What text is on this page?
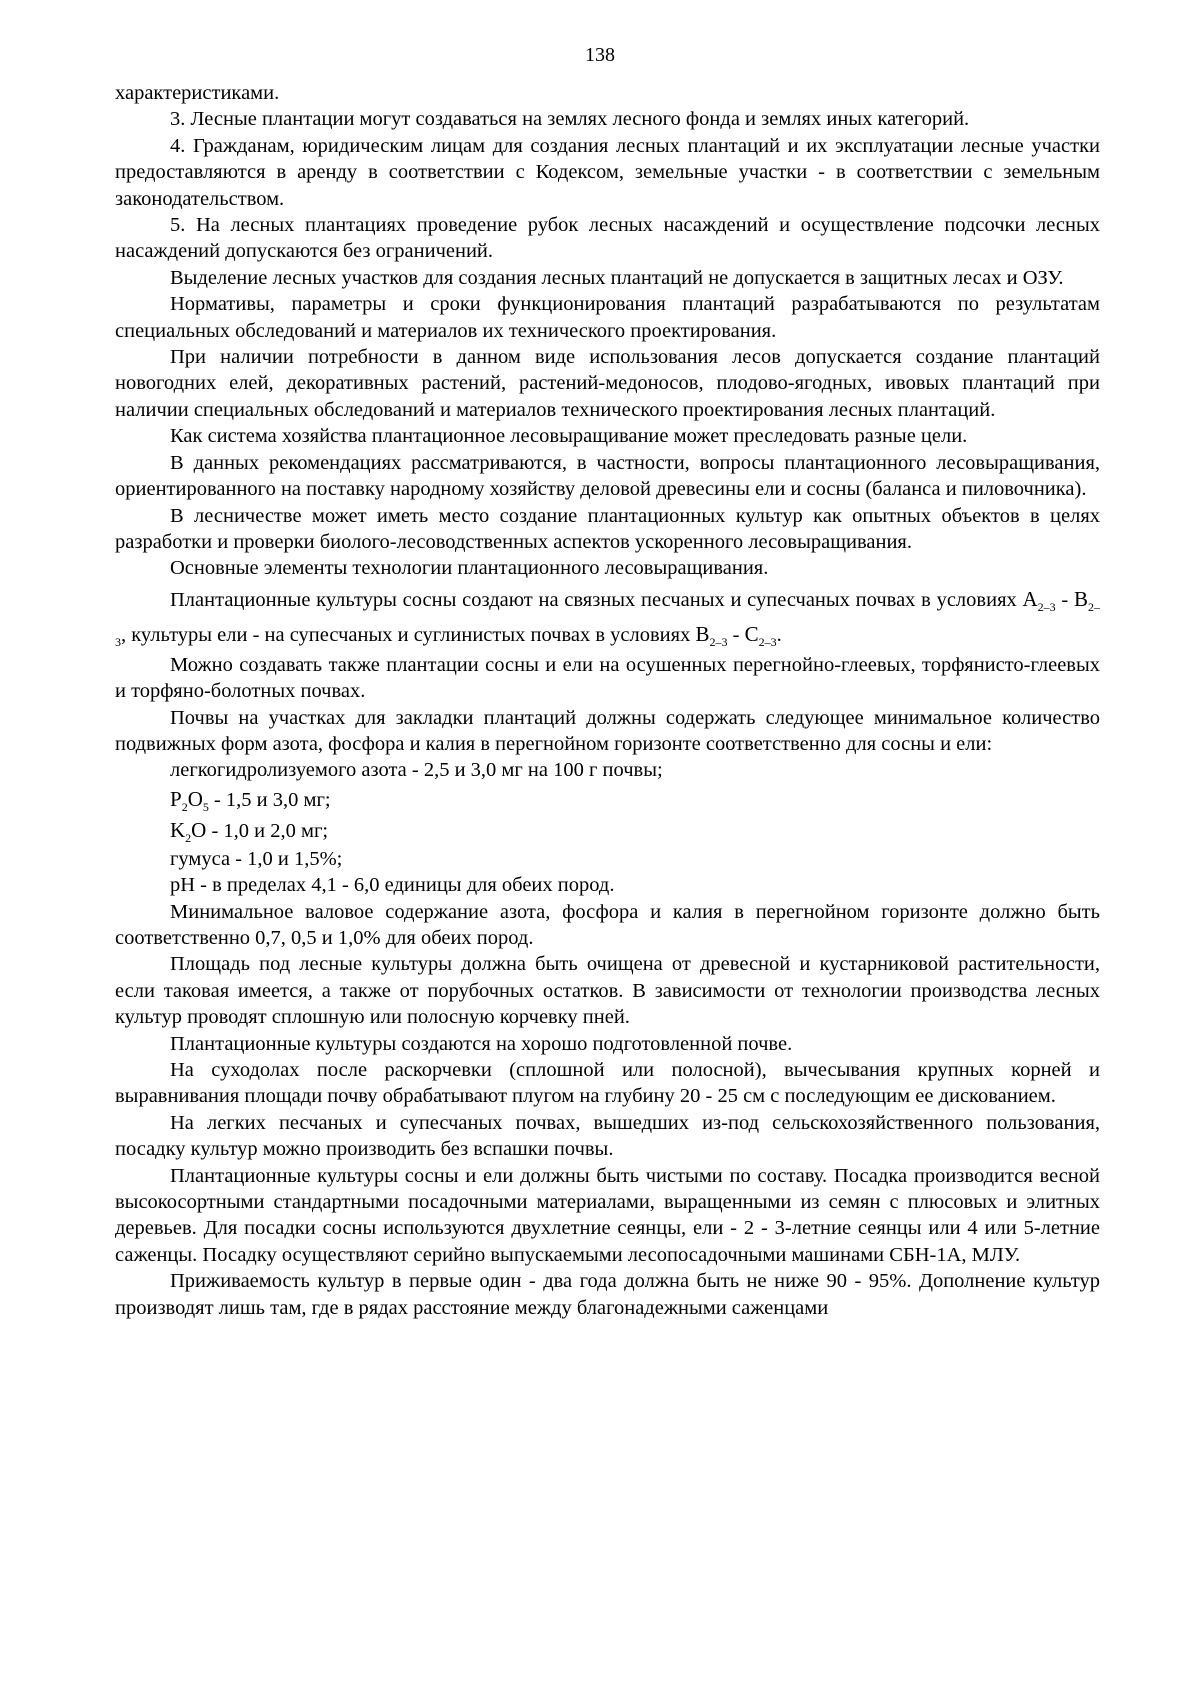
138

характеристиками.

3. Лесные плантации могут создаваться на землях лесного фонда и землях иных категорий.

4. Гражданам, юридическим лицам для создания лесных плантаций и их эксплуатации лесные участки предоставляются в аренду в соответствии с Кодексом, земельные участки - в соответствии с земельным законодательством.

5. На лесных плантациях проведение рубок лесных насаждений и осуществление подсочки лесных насаждений допускаются без ограничений.

Выделение лесных участков для создания лесных плантаций не допускается в защитных лесах и ОЗУ.

Нормативы, параметры и сроки функционирования плантаций разрабатываются по результатам специальных обследований и материалов их технического проектирования.

При наличии потребности в данном виде использования лесов допускается создание плантаций новогодних елей, декоративных растений, растений-медоносов, плодово-ягодных, ивовых плантаций при наличии специальных обследований и материалов технического проектирования лесных плантаций.

Как система хозяйства плантационное лесовыращивание может преследовать разные цели.

В данных рекомендациях рассматриваются, в частности, вопросы плантационного лесовыращивания, ориентированного на поставку народному хозяйству деловой древесины ели и сосны (баланса и пиловочника).

В лесничестве может иметь место создание плантационных культур как опытных объектов в целях разработки и проверки биолого-лесоводственных аспектов ускоренного лесовыращивания.

Основные элементы технологии плантационного лесовыращивания.

Плантационные культуры сосны создают на связных песчаных и супесчаных почвах в условиях $A_{2-3} - B_{2-3}$, культуры ели - на супесчаных и суглинистых почвах в условиях $B_{2-3} - C_{2-3}$.

Можно создавать также плантации сосны и ели на осушенных перегнойно-глеевых, торфянисто-глеевых и торфяно-болотных почвах.

Почвы на участках для закладки плантаций должны содержать следующее минимальное количество подвижных форм азота, фосфора и калия в перегнойном горизонте соответственно для сосны и ели:

легкогидролизуемого азота - 2,5 и 3,0 мг на 100 г почвы;

$P_2O_5 - 1,5$ и 3,0 мг;

$K_2O - 1,0$ и 2,0 мг;

гумуса - 1,0 и 1,5%;

pH - в пределах 4,1 - 6,0 единицы для обеих пород.

Минимальное валовое содержание азота, фосфора и калия в перегнойном горизонте должно быть соответственно 0,7, 0,5 и 1,0% для обеих пород.

Площадь под лесные культуры должна быть очищена от древесной и кустарниковой растительности, если таковая имеется, а также от порубочных остатков. В зависимости от технологии производства лесных культур проводят сплошную или полосную корчевку пней.

Плантационные культуры создаются на хорошо подготовленной почве.

На суходолах после раскорчевки (сплошной или полосной), вычесывания крупных корней и выравнивания площади почву обрабатывают плугом на глубину 20 - 25 см с последующим ее дискованием.

На легких песчаных и супесчаных почвах, вышедших из-под сельскохозяйственного пользования, посадку культур можно производить без вспашки почвы.

Плантационные культуры сосны и ели должны быть чистыми по составу. Посадка производится весной высокосортными стандартными посадочными материалами, выращенными из семян с плюсовых и элитных деревьев. Для посадки сосны используются двухлетние сеянцы, ели - 2 - 3-летние сеянцы или 4 или 5-летние саженцы. Посадку осуществляют серийно выпускаемыми лесопосадочными машинами СБН-1А, МЛУ.

Приживаемость культур в первые один - два года должна быть не ниже 90 - 95%. Дополнение культур производят лишь там, где в рядах расстояние между благонадежными саженцами
